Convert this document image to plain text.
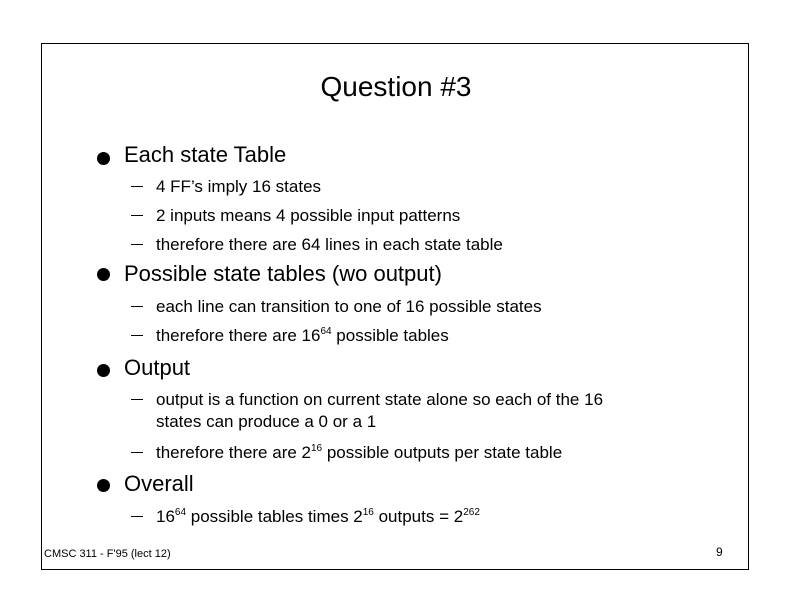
Question #3
Each state Table
4 FF’s imply 16 states
2 inputs means 4 possible input patterns
therefore there are 64 lines in each state table
Possible state tables (wo output)
each line can transition to one of 16 possible states
therefore there are $16^{64}$ possible tables
Output
output is a function on current state alone so each of the 16
states can produce a 0 or a 1
therefore there are $2^{16}$ possible outputs per state table
Overall
$16^{64}$ possible tables times $2^{16}$ outputs = $2^{262}$
CMSC 311 - F'95 (lect 12)	9
